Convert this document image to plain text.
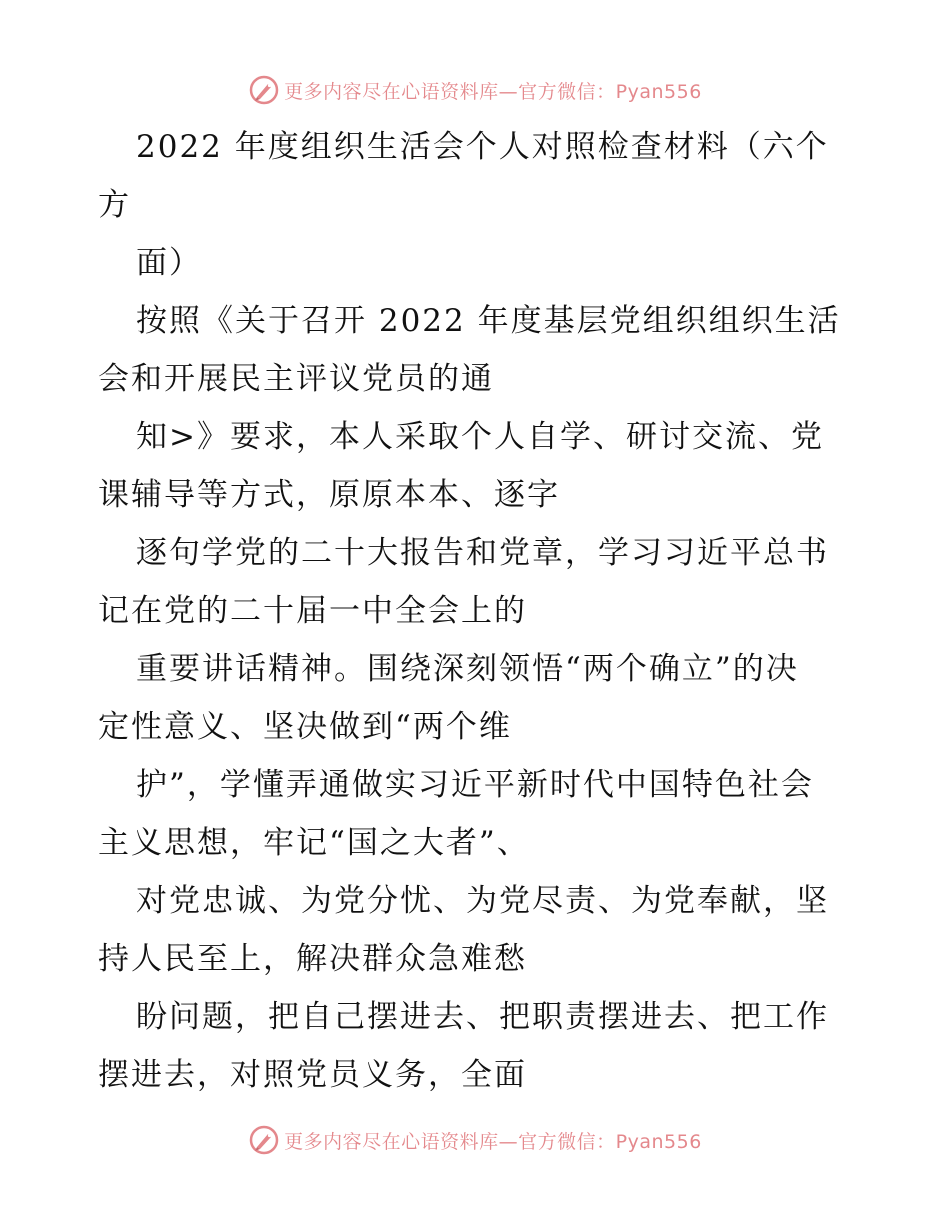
更多内容尽在心语资料库—官方微信：Pyan556
2022 年度组织生活会个人对照检查材料（六个
方
面）
按照《关于召开 2022 年度基层党组织组织生活
会和开展民主评议党员的通
知>》要求，本人采取个人自学、研讨交流、党
课辅导等方式，原原本本、逐字
逐句学党的二十大报告和党章，学习习近平总书
记在党的二十届一中全会上的
重要讲话精神。围绕深刻领悟“两个确立”的决
定性意义、坚决做到“两个维
护”，学懂弄通做实习近平新时代中国特色社会
主义思想，牢记“国之大者”、
对党忠诚、为党分忧、为党尽责、为党奉献，坚
持人民至上，解决群众急难愁
盼问题，把自己摆进去、把职责摆进去、把工作
摆进去，对照党员义务，全面
更多内容尽在心语资料库—官方微信：Pyan556
